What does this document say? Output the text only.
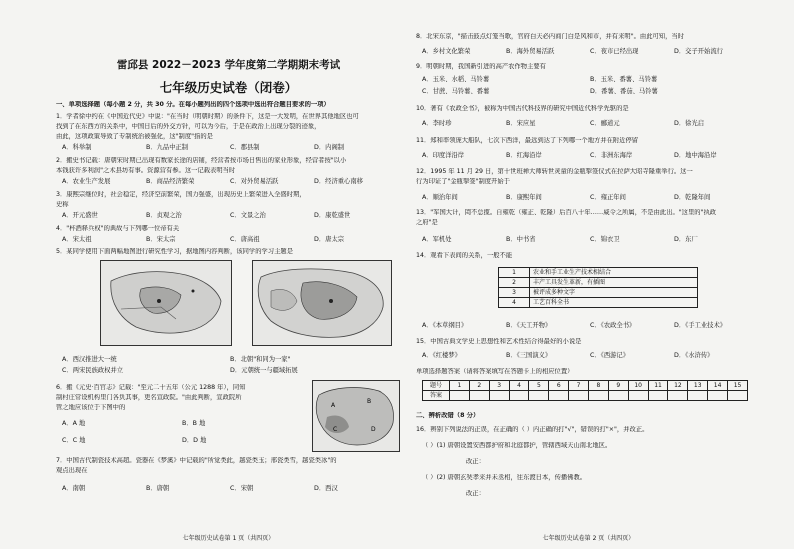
雷邱县 2022－2023 学年度第二学期期末考试
七年级历史试卷（闭卷）
一、单项选择题（每小题 2 分，共 30 分。在每小题列出的四个选项中选出符合题目要求的一项）
1．学者徐中约在《中国近代史》中说："在当时（明朝时期）的条件下，这是一大发明，在世界其他地区也可
找到了在东西方的关系中，中国日后的外交方针，可以为今后，于是在政治上出现分裂的迹象，
由此，这项政策导致了专制统治被强化，这"制度"指的是
A．科举制	B．九品中正制	C．郡县制	D．内阁制
2．搬史书记载：唐朝宋时期已出现有数家长途的店铺，经营者按市场日售出的家业形象，经营者按"以小
本钱获许多利润"之术县坊有事。资源营有参。这一记载表明当时
A．农业生产发展	B．商品经济繁荣	C．对外贸易活跃	D．经济重心南移
3．康熙宗继位时，社会稳定，经济空前繁荣，国力强盛，出现历史上繁荣进入全盛时期，
史称
A．开元盛世	B．贞观之治	C．文景之治	D．康乾盛世
4．"杯酒释兵权"的典故与下列哪一位帝有关
A．宋太祖	B．宋太宗	C．唐高祖	D．唐太宗
5．某同学使用下面两幅地图进行研究性学习，据地图内容判断，该同学的学习主题是
A．西汉推进大一统	B．北朝"和同为一家"
C．两宋民族政权并立	D．元朝统一与疆域拓展
6．搬《元史·百官志》记载："至元二十五年（公元 1288 年），同知
制村庄常设机构里门各负其事，更名宣政院。"由此判断，宣政院所
管之地应该位于下图中的	A
B
C	D
A．A 地	B．B 地
C．C 地	D．D 地
7．中国古代制瓷技术高超。瓷器在《梦溪》中记载的"所觉类此，越瓷类玉；邢瓷类雪，越瓷类冰"的
观点出现在
A．南朝	B．唐朝	C．宋朝	D．西汉
七年级历史试卷第 1 页（共四页）
8．北宋东京，"描击鼓点灯笼当歌，官府白天必内商门白是风和市，并有来明"。由此可知，当时
A．乡村文化繁荣	B．海外贸易活跃	C．夜市已经出现	D．交子开始流行
9．明朝时期，我国新引进的高产农作物主要有
A．玉米、水稻、马铃薯	B．玉米、番薯、马铃薯
C．甘蔗、马铃薯、番薯	D．番薯、番茄、马铃薯
10．著有《农政全书》，被称为中国古代科技界的研究中国近代科学先驱的是
A．李时珍	B．宋应星	C．郦道元	D．徐光启
11．郑和率领庞大船队，七次下西洋，最远到达了下列哪一个地方并在附近停留
A．印度洋沿岸	B．红海沿岸	C．非洲东海岸	D．地中海沿岸
12．1995 年 11 月 29 日，第十世班禅大师转世灵童的金瓶掣签仪式在拉萨大昭寺隆重举行。这一
行为印证了"金瓶掣签"制度开始于
A．顺治年间	B．康熙年间	C．雍正年间	D．乾隆年间
13．"军国大计，罔不总揽。自雍乾（雍正、乾隆）后百八十年……威令之所属，不是由此出。"这里的"执政
之府"是
A．军机处	B．中书省	C．锦衣卫	D．东厂
14．观看下表间的关系，一般不能
1	农业和手工业生产技术相结合
2	丰产工具发生革新，有插图
3	被评成多种文字
4	工艺百科全书
A．《本草纲目》	B．《天工开物》	C．《农政全书》	D．《手工业技术》
15．中国古典文学史上思想性和艺术性结合得最好的小说是
A．《红楼梦》	B．《三国演义》	C．《西游记》	D．《水浒传》
单项选择题答案（请将答案填写在答题卡上的相应位置）
题号	1	2	3	4	5	6	7	8	9	10	11	12	13	14	15
答案															
二、辨析改错（8 分）
16．辨别下列说法的正误，在正确的（ ）内正确的打"√"，错误的打"×"，并改正。
（ ）(1) 唐朝设置安西都护府和北庭都护，管辖西域天山南北地区。
改正：
（ ）(2) 唐朝玄奘孝来并未丞相，往东渡日本，传播佛教。
改正：
七年级历史试卷第 2 页（共四页）
